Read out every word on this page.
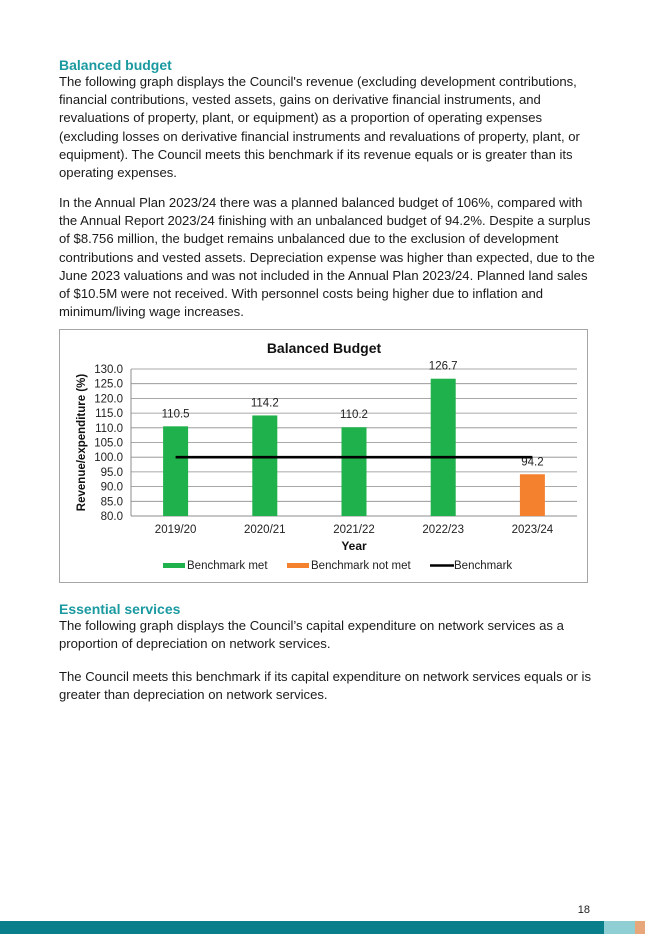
Balanced budget

The following graph displays the Council's revenue (excluding development contributions, financial contributions, vested assets, gains on derivative financial instruments, and revaluations of property, plant, or equipment) as a proportion of operating expenses (excluding losses on derivative financial instruments and revaluations of property, plant, or equipment). The Council meets this benchmark if its revenue equals or is greater than its operating expenses.

In the Annual Plan 2023/24 there was a planned balanced budget of 106%, compared with the Annual Report 2023/24 finishing with an unbalanced budget of 94.2%. Despite a surplus of $8.756 million, the budget remains unbalanced due to the exclusion of development contributions and vested assets. Depreciation expense was higher than expected, due to the June 2023 valuations and was not included in the Annual Plan 2023/24. Planned land sales of $10.5M were not received. With personnel costs being higher due to inflation and minimum/living wage increases.

Balanced Budget
80.0
85.0
90.0
95.0
100.0
105.0
110.0
115.0
120.0
125.0
130.0
110.5
2019/20
114.2
2020/21
110.2
2021/22
126.7
2022/23
94.2
2023/24
Year
Revenue/expenditure (%)
Benchmark met	Benchmark not met	Benchmark
Essential services

The following graph displays the Council’s capital expenditure on network services as a proportion of depreciation on network services.

The Council meets this benchmark if its capital expenditure on network services equals or is greater than depreciation on network services.

18
